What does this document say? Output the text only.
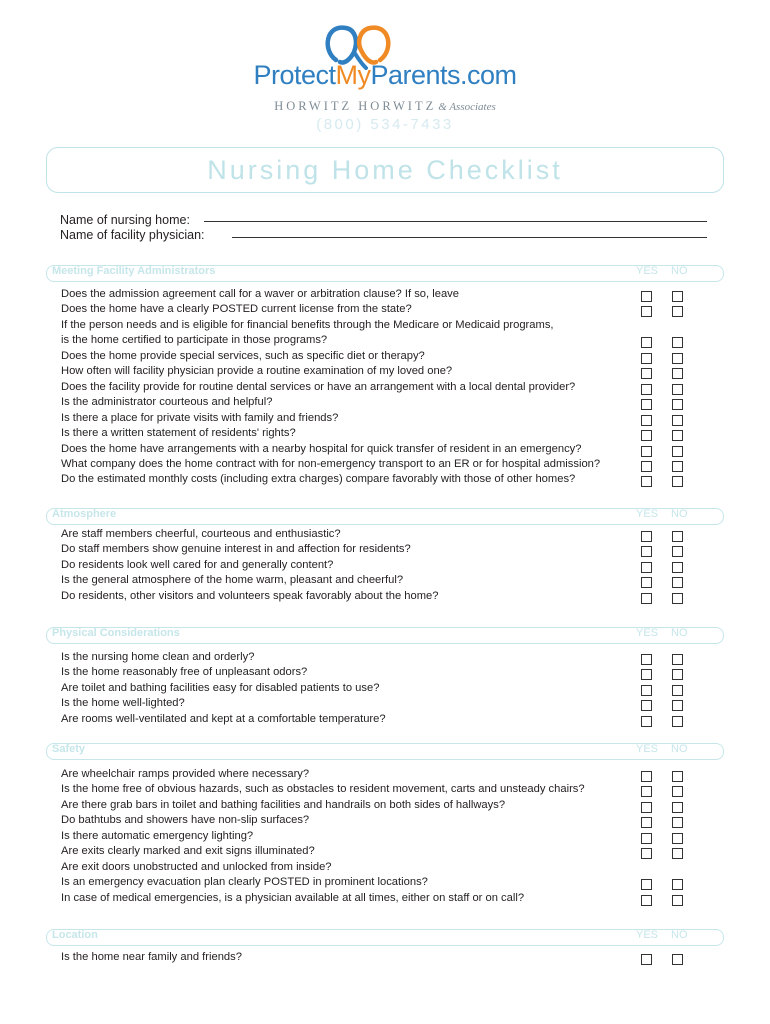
ProtectMyParents.com
HORWITZ HORWITZ & Associates
(800) 534-7433
Nursing Home Checklist
Name of nursing home:
Name of facility physician:
Meeting Facility Administrators	YES NO
Does the admission agreement call for a waver or arbitration clause? If so, leave
Does the home have a clearly POSTED current license from the state?
If the person needs and is eligible for financial benefits through the Medicare or Medicaid programs,
is the home certified to participate in those programs?
Does the home provide special services, such as specific diet or therapy?
How often will facility physician provide a routine examination of my loved one?
Does the facility provide for routine dental services or have an arrangement with a local dental provider?
Is the administrator courteous and helpful?
Is there a place for private visits with family and friends?
Is there a written statement of residents' rights?
Does the home have arrangements with a nearby hospital for quick transfer of resident in an emergency?
What company does the home contract with for non-emergency transport to an ER or for hospital admission?
Do the estimated monthly costs (including extra charges) compare favorably with those of other homes?
Atmosphere	YES NO
Are staff members cheerful, courteous and enthusiastic?
Do staff members show genuine interest in and affection for residents?
Do residents look well cared for and generally content?
Is the general atmosphere of the home warm, pleasant and cheerful?
Do residents, other visitors and volunteers speak favorably about the home?
Physical Considerations	YES NO
Is the nursing home clean and orderly?
Is the home reasonably free of unpleasant odors?
Are toilet and bathing facilities easy for disabled patients to use?
Is the home well-lighted?
Are rooms well-ventilated and kept at a comfortable temperature?
Safety	YES NO
Are wheelchair ramps provided where necessary?
Is the home free of obvious hazards, such as obstacles to resident movement, carts and unsteady chairs?
Are there grab bars in toilet and bathing facilities and handrails on both sides of hallways?
Do bathtubs and showers have non-slip surfaces?
Is there automatic emergency lighting?
Are exits clearly marked and exit signs illuminated?
Are exit doors unobstructed and unlocked from inside?
Is an emergency evacuation plan clearly POSTED in prominent locations?
In case of medical emergencies, is a physician available at all times, either on staff or on call?
Location	YES NO
Is the home near family and friends?
